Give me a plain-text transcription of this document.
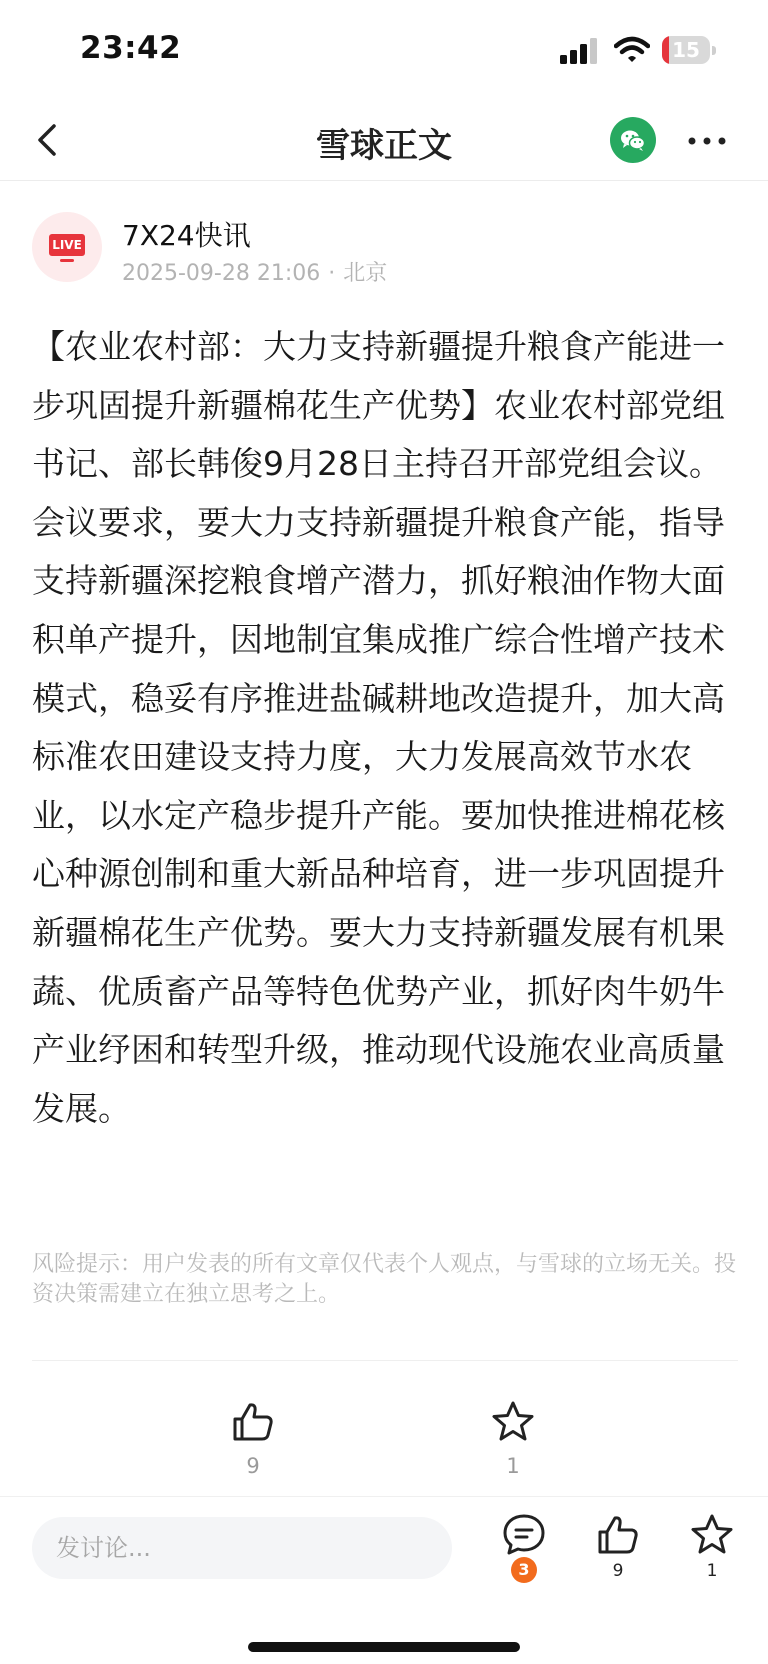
23:42	15
雪球正文
LIVE 7X24快讯
2025-09-28 21:06 · 北京
【农业农村部：大力支持新疆提升粮食产能进一步巩固提升新疆棉花生产优势】农业农村部党组书记、部长韩俊9月28日主持召开部党组会议。会议要求，要大力支持新疆提升粮食产能，指导支持新疆深挖粮食增产潜力，抓好粮油作物大面积单产提升，因地制宜集成推广综合性增产技术模式，稳妥有序推进盐碱耕地改造提升，加大高标准农田建设支持力度，大力发展高效节水农业，以水定产稳步提升产能。要加快推进棉花核心种源创制和重大新品种培育，进一步巩固提升新疆棉花生产优势。要大力支持新疆发展有机果蔬、优质畜产品等特色优势产业，抓好肉牛奶牛产业纾困和转型升级，推动现代设施农业高质量发展。
风险提示：用户发表的所有文章仅代表个人观点，与雪球的立场无关。投资决策需建立在独立思考之上。
9	1
发讨论...
3	9	1
